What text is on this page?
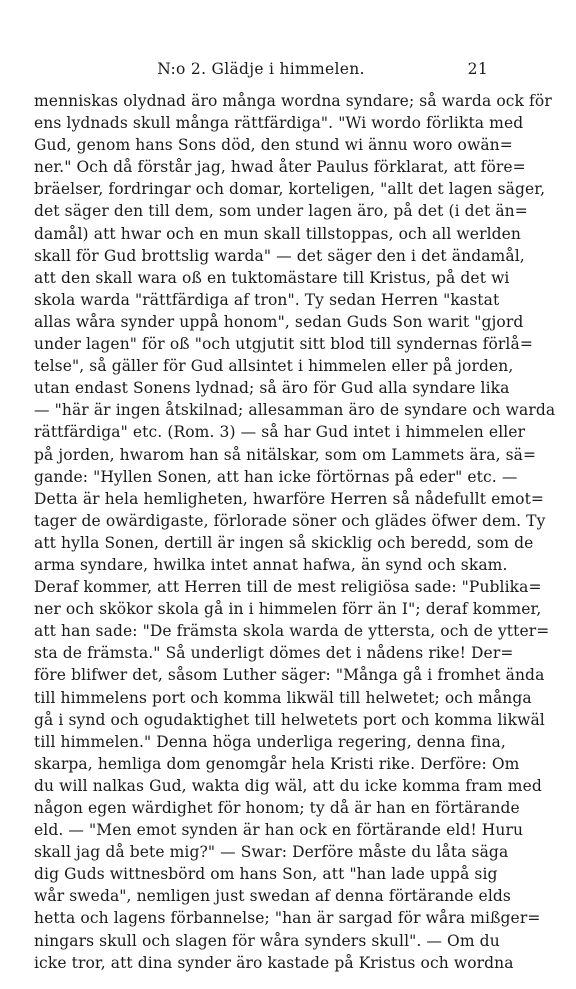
N:o 2. Glädje i himmelen.	21
menniskas olydnad äro många wordna syndare; så warda ock för
ens lydnads skull många rättfärdiga". "Wi wordo förlikta med
Gud, genom hans Sons död, den stund wi ännu woro owän=
ner." Och då förstår jag, hwad åter Paulus förklarat, att före=
bräelser, fordringar och domar, korteligen, "allt det lagen säger,
det säger den till dem, som under lagen äro, på det (i det än=
damål) att hwar och en mun skall tillstoppas, och all werlden
skall för Gud brottslig warda" — det säger den i det ändamål,
att den skall wara oß en tuktomästare till Kristus, på det wi
skola warda "rättfärdiga af tron". Ty sedan Herren "kastat
allas wåra synder uppå honom", sedan Guds Son warit "gjord
under lagen" för oß "och utgjutit sitt blod till syndernas förlå=
telse", så gäller för Gud allsintet i himmelen eller på jorden,
utan endast Sonens lydnad; så äro för Gud alla syndare lika
— "här är ingen åtskilnad; allesamman äro de syndare och warda
rättfärdiga" etc. (Rom. 3) — så har Gud intet i himmelen eller
på jorden, hwarom han så nitälskar, som om Lammets ära, sä=
gande: "Hyllen Sonen, att han icke förtörnas på eder" etc. —
Detta är hela hemligheten, hwarföre Herren så nådefullt emot=
tager de owärdigaste, förlorade söner och glädes öfwer dem. Ty
att hylla Sonen, dertill är ingen så skicklig och beredd, som de
arma syndare, hwilka intet annat hafwa, än synd och skam.
Deraf kommer, att Herren till de mest religiösa sade: "Publika=
ner och skökor skola gå in i himmelen förr än I"; deraf kommer,
att han sade: "De främsta skola warda de yttersta, och de ytter=
sta de främsta." Så underligt dömes det i nådens rike! Der=
före blifwer det, såsom Luther säger: "Många gå i fromhet ända
till himmelens port och komma likwäl till helwetet; och många
gå i synd och ogudaktighet till helwetets port och komma likwäl
till himmelen." Denna höga underliga regering, denna fina,
skarpa, hemliga dom genomgår hela Kristi rike. Derföre: Om
du will nalkas Gud, wakta dig wäl, att du icke komma fram med
någon egen wärdighet för honom; ty då är han en förtärande
eld. — "Men emot synden är han ock en förtärande eld! Huru
skall jag då bete mig?" — Swar: Derföre måste du låta säga
dig Guds wittnesbörd om hans Son, att "han lade uppå sig
wår sweda", nemligen just swedan af denna förtärande elds
hetta och lagens förbannelse; "han är sargad för wåra mißger=
ningars skull och slagen för wåra synders skull". — Om du
icke tror, att dina synder äro kastade på Kristus och wordna
